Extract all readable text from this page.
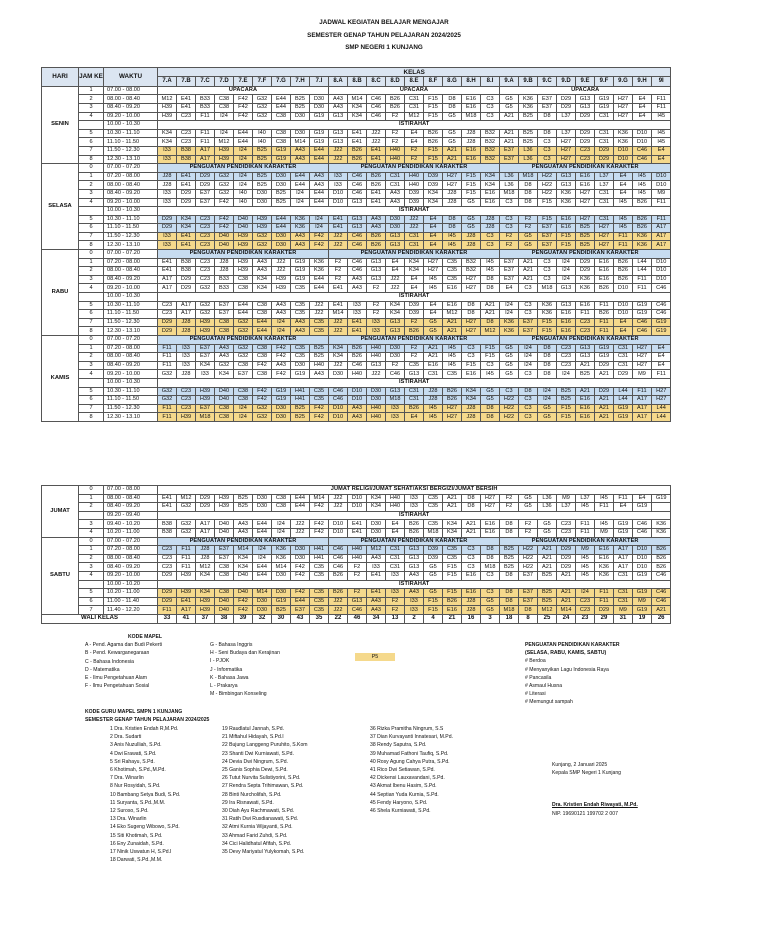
JADWAL KEGIATAN BELAJAR MENGAJAR
SEMESTER GENAP TAHUN PELAJARAN 2024/2025
SMP NEGERI 1 KUNJANG
HARI	JAM KE	WAKTU	KELAS																										
			7.A	7.B	7.C	7.D	7.E	7.F	7.G	7.H	7.I	8.A	8.B	8.C	8.D	8.E	8.F	8.G	8.H	8.I	9.A	9.B	9.C	9.D	9.E	9.F	9.G	9.H	9I
SENIN	1	07.00 - 08.00	UPACARA									UPACARA									UPACARA								
	2	08.00 - 08.40	M12	E41	B33	C38	F42	G32	E44	B25	D30	A43	M14	C46	B26	C31	F15	D8	E16	C3	G5	K36	E37	D29	G13	G19	H27	E4	F11
	3	08.40 - 09.20	H39	E41	B33	C38	F42	G32	E44	B25	D30	A43	K34	C46	B26	C31	F15	D8	E16	C3	G5	K36	E37	D29	G13	G19	H27	E4	F11
	4	09.20 - 10.00	H39	C23	F11	I24	F42	G32	C38	D30	G19	G13	K34	C46	F2	M12	F15	G5	M18	C3	A21	B25	D8	L37	D29	C31	H27	E4	I45
		10.00 - 10.30	ISTIRAHAT																										
	5	10.30 - 11.10	K34	C23	F11	I24	E44	I40	C38	D30	G19	G13	E41	J22	F2	E4	B26	G5	J28	B32	A21	B25	D8	L37	D29	C31	K36	D10	I45
	6	11.10 - 11.50	K34	C23	F11	M12	E44	I40	C38	M14	G19	G13	E41	J22	F2	E4	B26	G5	J28	B32	A21	B25	C3	H27	D29	C31	K36	D10	I45
	7	11.50 - 12.30	I33	B38	A17	H39	I24	B25	G19	A43	E44	J22	B26	E41	H40	F2	F15	A21	E16	B32	E37	L36	C3	H27	C23	D29	D10	C46	E4
	8	12.30 - 13.10	I33	B38	A17	H39	I24	B25	G19	A43	E44	J22	B26	E41	H40	F2	F15	A21	E16	B32	E37	L36	C3	H27	C23	D29	D10	C46	E4
SELASA	0	07.00 - 07.20	PENGUATAN PENDIDIKAN KARAKTER									PENGUATAN PENDIDIKAN KARAKTER									PENGUATAN PENDIDIKAN KARAKTER								
	1	07.20 - 08.00	J28	E41	D29	G32	I24	B25	D30	E44	A43	I33	C46	B26	C31	H40	D39	H27	F15	K34	L36	M18	H22	G13	E16	L37	E4	I45	D10
	2	08.00 - 08.40	J28	E41	D29	G32	I24	B25	D30	E44	A43	I33	C46	B26	C31	H40	D39	H27	F15	K34	L36	D8	H22	G13	E16	L37	E4	I45	D10
	3	08.40 - 09.20	I33	D29	E37	G32	I40	D30	B25	I24	E44	D10	C46	E41	A43	D39	K34	J28	F15	E16	M18	D8	H22	K36	H27	C31	E4	I45	M9
	4	09.20 - 10.00	I33	D29	E37	F42	I40	D30	B25	I24	E44	D10	G13	E41	A43	D39	K34	J28	G5	E16	C3	D8	F15	K36	H27	C31	I45	B26	F11
		10.00 - 10.30	ISTIRAHAT																										
	5	10.30 - 11.10	D29	K34	C23	F42	D40	H39	E44	K36	I24	E41	G13	A43	D30	J22	E4	D8	G5	J28	C3	F2	F15	E16	H27	C31	I45	B26	F11
	6	11.10 - 11.50	D29	K34	C23	F42	D40	H39	E44	K36	I24	E41	G13	A43	D30	J22	E4	D8	G5	J28	C3	F2	E37	E16	B25	H27	I45	B26	A17
	7	11.50 - 12.30	I33	E41	C23	D40	H39	G32	D30	A43	F42	J22	C46	B26	G13	C31	E4	I45	J28	C3	F2	G5	E37	F15	B25	H27	F11	K36	A17
	8	12.30 - 13.10	I33	E41	C23	D40	H39	G32	D30	A43	F42	J22	C46	B26	G13	C31	E4	I45	J28	C3	F2	G5	E37	F15	B25	H27	F11	K36	A17
RABU	0	07.00 - 07.20	PENGUATAN PENDIDIKAN KARAKTER									PENGUATAN PENDIDIKAN KARAKTER									PENGUATAN PENDIDIKAN KARAKTER								
	1	07.20 - 08.00	E41	B38	C23	J28	H39	A43	J22	G19	K36	F2	C46	G13	E4	K34	H27	C35	B32	I45	E37	A21	C3	I24	D29	E16	B26	L44	D10
	2	08.00 - 08.40	E41	B38	C23	J28	H39	A43	J22	G19	K36	F2	C46	G13	E4	K34	H27	C35	B32	I45	E37	A21	C3	I24	D29	E16	B26	L44	D10
	3	08.40 - 09.20	A17	D29	C23	B33	C38	K34	H39	G19	E44	F2	A43	G13	J22	E4	I45	C35	H27	D8	E37	A21	C3	I24	K36	E16	B26	F11	D10
	4	09.20 - 10.00	A17	D29	G32	B33	C38	K34	H39	C35	E44	E41	A43	F2	J22	E4	I45	E16	H27	D8	E4	C3	M18	G13	K36	B26	D10	F11	C46
		10.00 - 10.30	ISTIRAHAT																										
	5	10.30 - 11.10	C23	A17	G32	E37	E44	C38	A43	C35	J22	E41	I33	F2	K34	D39	E4	E16	D8	A21	I24	C3	K36	G13	E16	F11	D10	G19	C46
	6	11.10 - 11.50	C23	A17	G32	E37	E44	C38	A43	C35	J22	M14	I33	F2	K34	D39	E4	M12	D8	A21	I24	C3	K36	E16	F11	B26	D10	G19	C46
	7	11.50 - 12.30	D29	J28	H39	C38	G32	E44	I24	A43	C35	J22	E41	I33	G13	F2	G5	A21	H27	D8	K36	E37	F15	E16	C23	F11	E4	C46	G19
	8	12.30 - 13.10	D29	J28	H39	C38	G32	E44	I24	A43	C35	J22	E41	I33	G13	B26	G5	A21	H27	M12	K36	E37	F15	E16	C23	F11	E4	C46	G19
KAMIS	0	07.00 - 07.20	PENGUATAN PENDIDIKAN KARAKTER									PENGUATAN PENDIDIKAN KARAKTER									PENGUATAN PENDIDIKAN KARAKTER								
	1	07.20 - 08.00	F11	I33	E37	A43	G32	C38	F42	C35	B25	K34	B26	H40	D30	F2	A21	I45	C3	F15	G5	I24	D8	C23	G13	G19	C31	H27	E4
	2	08.00 - 08.40	F11	I33	E37	A43	G32	C38	F42	C35	B25	K34	B26	H40	D30	F2	A21	I45	C3	F15	G5	I24	D8	C23	G13	G19	C31	H27	E4
	3	08.40 - 09.20	F11	I33	K34	G32	C38	F42	A43	D30	H40	J22	C46	G13	F2	C35	E16	I45	F15	C3	G5	I24	D8	C23	A21	D29	C31	H27	E4
	4	09.20 - 10.00	G32	J28	I33	K34	E37	C38	F42	G19	A43	D30	H40	J22	C46	G13	C31	C35	E16	I45	G5	C3	D8	I24	B25	A21	D29	M9	F11
		10.00 - 10.30	ISTIRAHAT																										
	5	10.30 - 11.10	G32	C23	H39	D40	C38	F42	G19	H41	C35	C46	D10	D30	G13	C31	J28	B26	K34	G5	C3	D8	I24	B25	A21	D29	L44	F11	H27
	6	11.10 - 11.50	G32	C23	H39	D40	C38	F42	G19	H41	C35	C46	D10	D30	M18	C31	J28	B26	K34	G5	H22	C3	I24	B25	E16	A21	L44	A17	H27
	7	11.50 - 12.30	F11	C23	E37	C38	I24	G32	D30	B25	F42	D10	A43	H40	I33	B26	I45	H27	J28	D8	H22	C3	G5	F15	E16	A21	G19	A17	L44
	8	12.30 - 13.10	F11	H39	M18	C38	I24	G32	D30	B25	F42	D10	A43	H40	I33	E4	I45	H27	J28	D8	H22	C3	G5	F15	E16	A21	G19	A17	L44
JUMAT	0	07.00 - 08.00	JUMAT RELIGI/JUMAT SEHAT/AKSI BERGIZI/JUMAT BERSIH																										
	1	08.00 - 08.40	E41	M12	D29	H39	B25	D30	C38	E44	M14	J22	D10	K34	H40	I33	C35	A21	D8	H27	F2	G5	L36	M9	L37	I45	F11	E4	G19
	2	08.40 - 09.20	E41	G32	D29	H39	B25	D30	C38	E44	F42	J22	D10	K34	H40	I33	C35	A21	D8	H27	F2	G5	L36	L37	I45	F11	E4	G19	
		09.20 - 09.40	ISTIRAHAT																										
	3	09.40 - 10.20	B38	G32	A17	D40	A43	E44	I24	J22	F42	D10	E41	D30	E4	B26	C35	K34	A21	E16	D8	F2	G5	C23	F11	I45	G19	C46	K36
	4	10.20 - 11.00	B38	G32	A17	D40	A43	E44	I24	J22	F42	D10	E41	D30	E4	B26	M18	K34	A21	E16	D8	F2	G5	C23	F11	M9	G19	C46	K36
SABTU	0	07.00 - 07.20	PENGUATAN PENDIDIKAN KARAKTER									PENGUATAN PENDIDIKAN KARAKTER									PENGUATAN PENDIDIKAN KARAKTER								
	1	07.20 - 08.00	C23	F11	J28	E37	M14	I24	K36	D30	H41	C46	H40	M12	C31	G13	D39	C35	C3	D8	B25	H22	A21	D29	M9	E16	A17	D10	B26
	2	08.00 - 08.40	C23	F11	J28	E37	K34	I24	K36	D30	H41	C46	H40	A43	C31	G13	D39	C35	C3	D8	B25	H22	A21	D29	I45	E16	A17	D10	B26
	3	08.40 - 09.20	C23	F11	M12	C38	K34	E44	M14	F42	C35	C46	F2	I33	C31	G13	G5	F15	C3	M18	B25	H22	A21	D29	I45	K36	A17	D10	B26
	4	09.20 - 10.00	D29	H39	K34	C38	D40	E44	D30	F42	C35	B26	F2	E41	I33	A43	G5	F15	E16	C3	D8	E37	B25	A21	I45	K36	C31	G19	C46
		10.00 - 10.20	ISTIRAHAT																										
	5	10.20 - 11.00	D29	H39	K34	C38	D40	M14	D30	F42	C35	B26	F2	E41	I33	A43	G5	F15	E16	C3	D8	E37	B25	A21	I24	F11	C31	G19	C46
	6	11.00 - 11.40	D29	E41	H39	D40	F42	D30	G19	E44	C35	J22	G13	A43	F2	I33	F15	B26	J28	G5	D8	E37	B25	A21	C23	F11	C31	M9	C46
	7	11.40 - 12.20	F11	A17	H39	D40	F42	D30	B25	E37	C35	J22	C46	A43	F2	I33	F15	E16	J28	G5	M18	D8	M12	M14	C23	D29	M9	G19	A21
WALI KELAS			33	41	37	38	39	32	30	43	35	22	46	34	13	2	4	21	16	3	18	8	25	24	23	29	31	19	26
KODE MAPEL
A - Pend. Agama dan Budi Pekerti
B - Pend. Kewarganegaraan
C - Bahasa Indonesia
D - Matematika
E - Ilmu Pengetahuan Alam
F - Ilmu Pengetahuan Sosial
G - Bahasa Inggris
H - Seni Budaya dan Kerajinan
I - PJOK
J - Informatika
K - Bahasa Jawa
L - Prakarya
M - Bimbingan Konseling
P5
PENGUATAN PENDIDIKAN KARAKTER
(SELASA, RABU, KAMIS, SABTU)
# Berdoa
# Menyanyikan Lagu Indonesia Raya
# Pancasila
# Asmaul Husna
# Literasi
# Memungut sampah
KODE GURU MAPEL SMPN 1 KUNJANG
SEMESTER GENAP TAHUN PELAJARAN 2024/2025
1 Dra. Kristien Endah R,M.Pd.
2 Dra. Sudarti
3 Anis Nuzulliah, S.Pd.
4 Dwi Erawati, S.Pd.
5 Sri Rahayu, S.Pd.
6 Khotimah, S.Pd.,M.Pd.
7 Dra. Winarlin
8 Nur Rosyidah, S.Pd.
10 Bambang Setya Budi, S.Pd.
11 Suryanta, S.Pd.,M.M.
12 Suroso, S.Pd.
13 Dra. Winarlin
14 Eko Sugeng Wibowo, S.Pd.
15 Siti Khotimah, S.Pd.
16 Eny Zunaidah, S.Pd.
17 Ninik Uswatun H, S.Pd.I
18 Darwati, S.Pd.,M.M.
19 Raudlatul Jannah, S.Pd.
21 Miftahul Hidayah, S.Pd.I
22 Bujung Langgeng Puruhito, S.Kom
23 Shanti Dwi Kurniawati, S.Pd.
24 Devia Dwi Ningrum, S.Pd.
25 Ganis Sophia Dewi, S.Pd.
26 Tutut Nurvita Sulistiyorini, S.Pd.
27 Rendra Septa Trihimawan, S.Pd.
28 Binti Nurcholifah, S.Pd.
29 Ira Risnawati, S.Pd.
30 Diah Ayu Rachmawati, S.Pd.
31 Ratih Dwi Rusdianawati, S.Pd.
32 Atmi Kurnia Wijayanti, S.Pd.
33 Ahmad Farid Zuhdi, S.Pd.
34 Cici Halidhatul Afifah, S.Pd.
35 Devy Mariyatul Yulykomah, S.Pd.
36 Rizka Pramitha Ningrum, S.S
37 Dian Kurvayanti Innatesari, M.Pd.
38 Rendy Saputra, S.Pd.
39 Muhamad Fathoni Taufiq, S.Pd.
40 Rosy Agung Cahya Putra, S.Pd.
41 Rico Dwi Setiawan, S.Pd.
42 Dickensi Lauxavandani, S.Pd.
43 Akmat Ibenu Hasim, S.Pd.
44 Septian Yuda Kurnia, S.Pd.
45 Fendy Haryono, S.Pd.
46 Shela Kurniawati, S.Pd.
Kunjang, 2 Januari 2025
Kepala SMP Negeri 1 Kunjang
Dra. Kristien Endah Riwayati, M.Pd.
NIP. 19690121 199702 2 007
